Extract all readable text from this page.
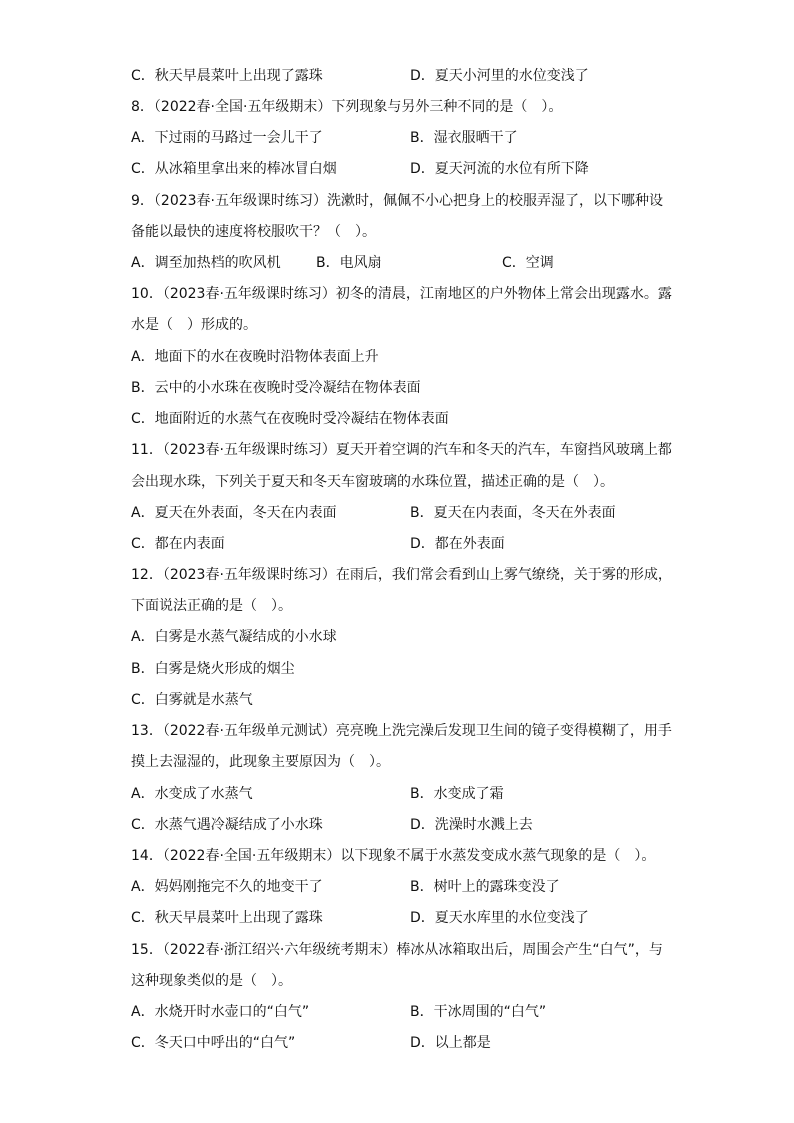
C．秋天早晨菜叶上出现了露珠	D．夏天小河里的水位变浅了
8．（2022春·全国·五年级期末）下列现象与另外三种不同的是（　）。
A．下过雨的马路过一会儿干了	B．湿衣服晒干了
C．从冰箱里拿出来的棒冰冒白烟	D．夏天河流的水位有所下降
9．（2023春·五年级课时练习）洗漱时，佩佩不小心把身上的校服弄湿了，以下哪种设
备能以最快的速度将校服吹干？（　）。
A．调至加热档的吹风机	B．电风扇	C．空调
10．（2023春·五年级课时练习）初冬的清晨，江南地区的户外物体上常会出现露水。露
水是（　）形成的。
A．地面下的水在夜晚时沿物体表面上升
B．云中的小水珠在夜晚时受冷凝结在物体表面
C．地面附近的水蒸气在夜晚时受冷凝结在物体表面
11．（2023春·五年级课时练习）夏天开着空调的汽车和冬天的汽车，车窗挡风玻璃上都
会出现水珠，下列关于夏天和冬天车窗玻璃的水珠位置，描述正确的是（　）。
A．夏天在外表面，冬天在内表面	B．夏天在内表面，冬天在外表面
C．都在内表面	D．都在外表面
12．（2023春·五年级课时练习）在雨后，我们常会看到山上雾气缭绕，关于雾的形成，
下面说法正确的是（　）。
A．白雾是水蒸气凝结成的小水球
B．白雾是烧火形成的烟尘
C．白雾就是水蒸气
13．（2022春·五年级单元测试）亮亮晚上洗完澡后发现卫生间的镜子变得模糊了，用手
摸上去湿湿的，此现象主要原因为（　）。
A．水变成了水蒸气	B．水变成了霜
C．水蒸气遇冷凝结成了小水珠	D．洗澡时水溅上去
14．（2022春·全国·五年级期末）以下现象不属于水蒸发变成水蒸气现象的是（　）。
A．妈妈刚拖完不久的地变干了	B．树叶上的露珠变没了
C．秋天早晨菜叶上出现了露珠	D．夏天水库里的水位变浅了
15．（2022春·浙江绍兴·六年级统考期末）棒冰从冰箱取出后，周围会产生“白气”，与
这种现象类似的是（　）。
A．水烧开时水壶口的“白气”	B．干冰周围的“白气”
C．冬天口中呼出的“白气”	D．以上都是
